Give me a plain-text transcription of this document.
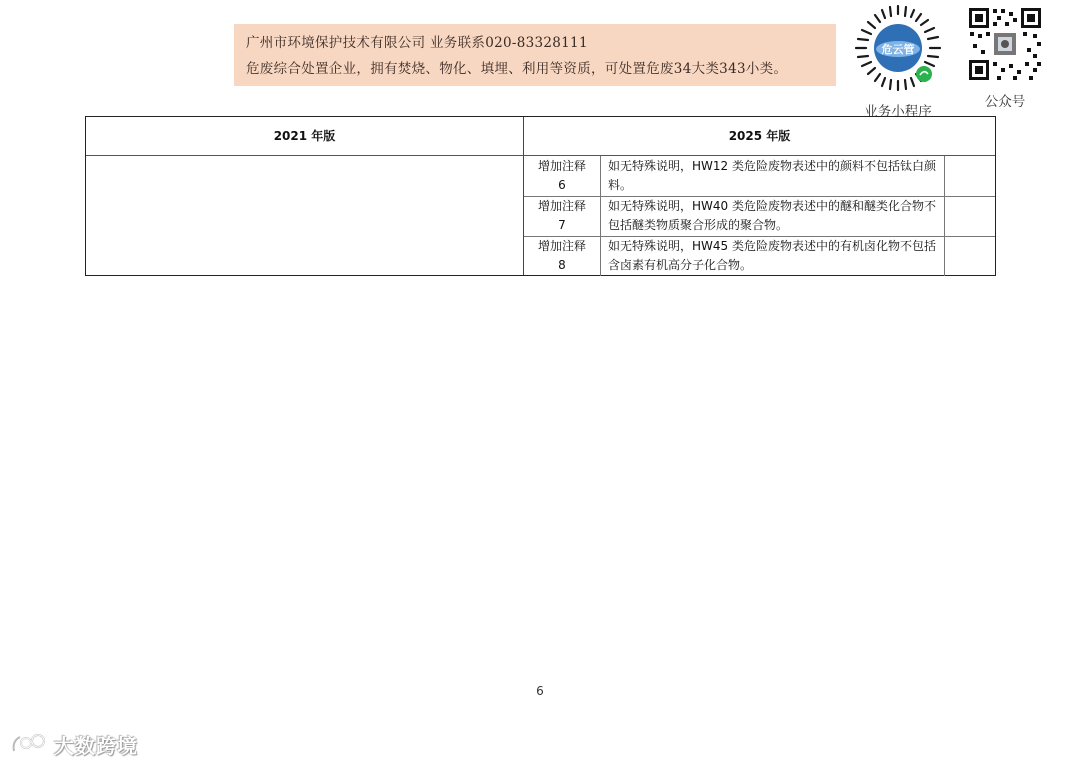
广州市环境保护技术有限公司 业务联系020-83328111
危废综合处置企业，拥有焚烧、物化、填埋、利用等资质，可处置危废34大类343小类。
危云管
业务小程序
公众号
2021 年版	2025 年版
增加注释
6
如无特殊说明，HW12 类危险废物表述中的颜料不包括钛白颜料。
增加注释
7
如无特殊说明，HW40 类危险废物表述中的醚和醚类化合物不包括醚类物质聚合形成的聚合物。
增加注释
8
如无特殊说明，HW45 类危险废物表述中的有机卤化物不包括含卤素有机高分子化合物。
6
大数跨境
